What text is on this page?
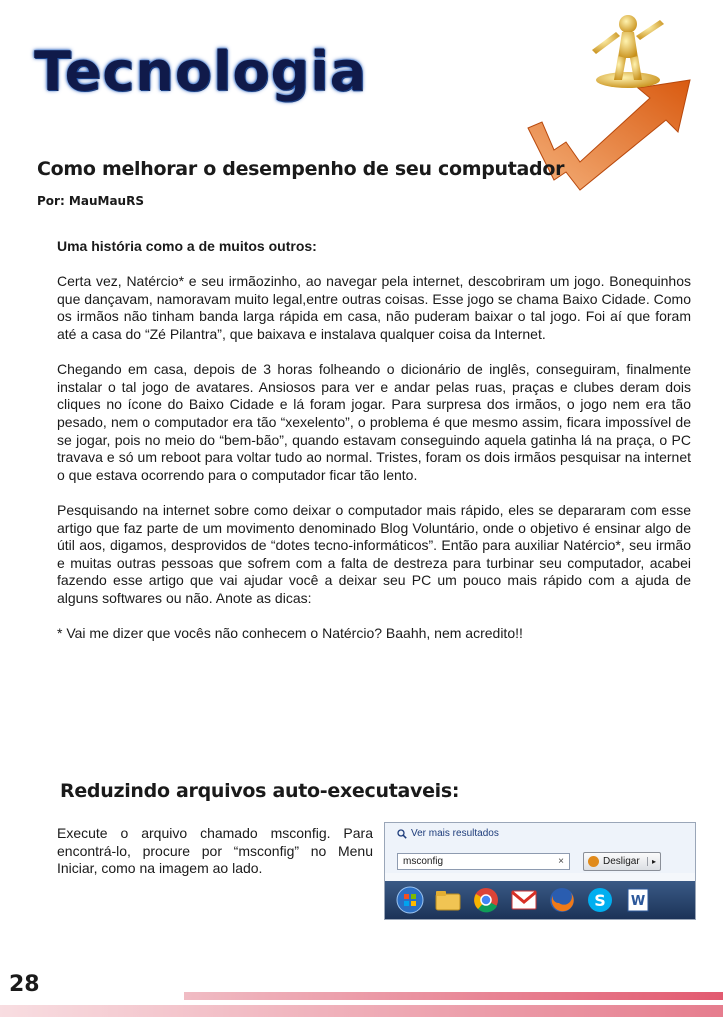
Tecnologia
Como melhorar o desempenho de seu computador

Por: MauMauRS

Uma história como a de muitos outros:

Certa vez, Natércio* e seu irmãozinho, ao navegar pela internet, descobriram um jogo. Bonequinhos que dançavam, namoravam muito legal,entre outras coisas. Esse jogo se chama Baixo Cidade. Como os irmãos não tinham banda larga rápida em casa, não puderam baixar o tal jogo. Foi aí que foram até a casa do “Zé Pilantra”, que baixava e instalava qualquer coisa da Internet.

Chegando em casa, depois de 3 horas folheando o dicionário de inglês, conseguiram, finalmente instalar o tal jogo de avatares. Ansiosos para ver e andar pelas ruas, praças e clubes deram dois cliques no ícone do Baixo Cidade e lá foram jogar. Para surpresa dos irmãos, o jogo nem era tão pesado, nem o computador era tão “xexelento”, o problema é que mesmo assim, ficara impossível de se jogar, pois no meio do “bem-bão”, quando estavam conseguindo aquela gatinha lá na praça, o PC travava e só um reboot para voltar tudo ao normal. Tristes, foram os dois irmãos pesquisar na internet o que estava ocorrendo para o computador ficar tão lento.

Pesquisando na internet sobre como deixar o computador mais rápido, eles se depararam com esse artigo que faz parte de um movimento denominado Blog Voluntário, onde o objetivo é ensinar algo de útil aos, digamos, desprovidos de “dotes tecno-informáticos”. Então para auxiliar Natércio*, seu irmão e muitas outras pessoas que sofrem com a falta de destreza para turbinar seu computador, acabei fazendo esse artigo que vai ajudar você a deixar seu PC um pouco mais rápido com a ajuda de alguns softwares ou não. Anote as dicas:

* Vai me dizer que vocês não conhecem o Natércio? Baahh, nem acredito!!

Reduzindo arquivos auto-executaveis:

Execute o arquivo chamado msconfig. Para encontrá-lo, procure por “msconfig” no Menu Iniciar, como na imagem ao lado.

Ver mais resultados
msconfig	×	Desligar	▸
S W

28
